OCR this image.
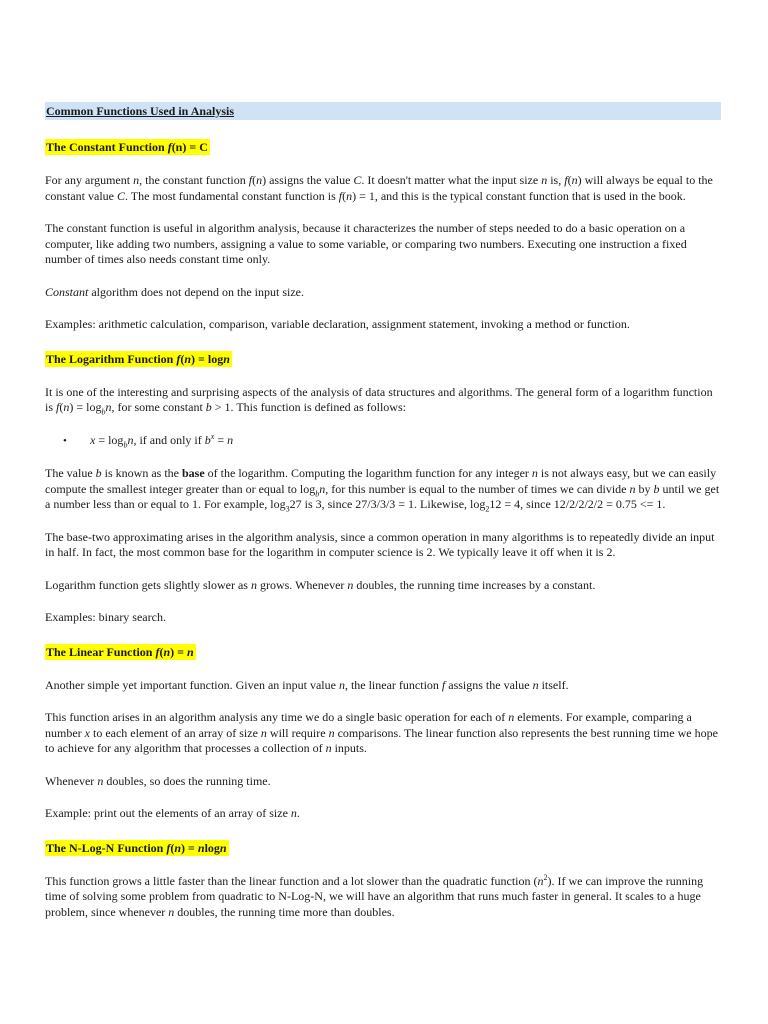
Common Functions Used in Analysis
The Constant Function f(n) = C

For any argument n, the constant function f(n) assigns the value C. It doesn't matter what the input size n is, f(n) will always be equal to the constant value C. The most fundamental constant function is f(n) = 1, and this is the typical constant function that is used in the book.

The constant function is useful in algorithm analysis, because it characterizes the number of steps needed to do a basic operation on a computer, like adding two numbers, assigning a value to some variable, or comparing two numbers. Executing one instruction a fixed number of times also needs constant time only.

Constant algorithm does not depend on the input size.

Examples: arithmetic calculation, comparison, variable declaration, assignment statement, invoking a method or function.

The Logarithm Function f(n) = logn

It is one of the interesting and surprising aspects of the analysis of data structures and algorithms. The general form of a logarithm function is $f(n) = \log_bn$, for some constant b > 1. This function is defined as follows:

• $x = \log_bn$, if and only if $b^x = n$

The value b is known as the base of the logarithm. Computing the logarithm function for any integer n is not always easy, but we can easily compute the smallest integer greater than or equal to $\log_bn$, for this number is equal to the number of times we can divide n by b until we get a number less than or equal to 1. For example, $\log_327$ is 3, since 27/3/3/3 = 1. Likewise, $\log_212 = 4$, since 12/2/2/2/2 = 0.75 <= 1.

The base-two approximating arises in the algorithm analysis, since a common operation in many algorithms is to repeatedly divide an input in half. In fact, the most common base for the logarithm in computer science is 2. We typically leave it off when it is 2.

Logarithm function gets slightly slower as n grows. Whenever n doubles, the running time increases by a constant.

Examples: binary search.

The Linear Function f(n) = n

Another simple yet important function. Given an input value n, the linear function f assigns the value n itself.

This function arises in an algorithm analysis any time we do a single basic operation for each of n elements. For example, comparing a number x to each element of an array of size n will require n comparisons. The linear function also represents the best running time we hope to achieve for any algorithm that processes a collection of n inputs.

Whenever n doubles, so does the running time.

Example: print out the elements of an array of size n.

The N-Log-N Function f(n) = nlogn

This function grows a little faster than the linear function and a lot slower than the quadratic function $(n^2)$. If we can improve the running time of solving some problem from quadratic to N-Log-N, we will have an algorithm that runs much faster in general. It scales to a huge problem, since whenever n doubles, the running time more than doubles.
